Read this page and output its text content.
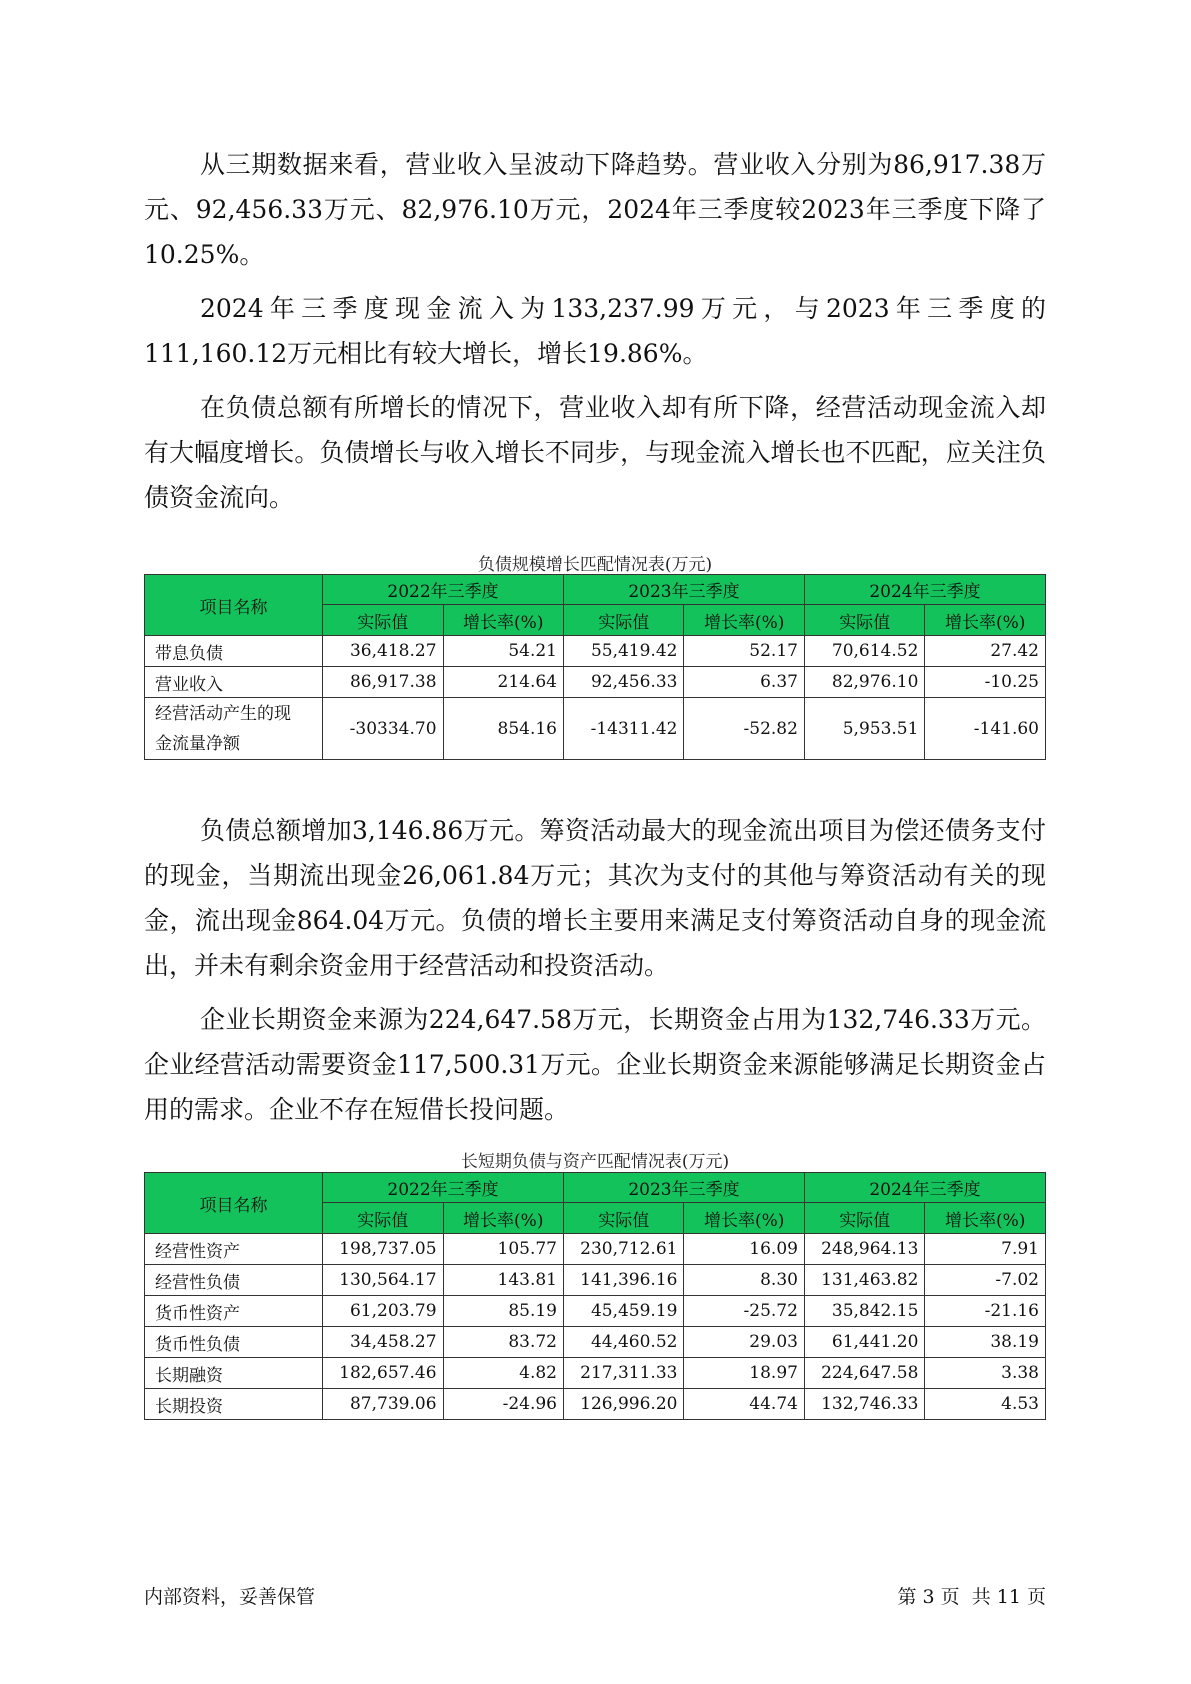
从三期数据来看，营业收入呈波动下降趋势。营业收入分别为86,917.38万元、92,456.33万元、82,976.10万元，2024年三季度较2023年三季度下降了10.25%。

2024年三季度现金流入为133,237.99万元，与2023年三季度的111,160.12万元相比有较大增长，增长19.86%。

在负债总额有所增长的情况下，营业收入却有所下降，经营活动现金流入却有大幅度增长。负债增长与收入增长不同步，与现金流入增长也不匹配，应关注负债资金流向。

负债规模增长匹配情况表(万元)
项目名称	2022年三季度		2023年三季度		2024年三季度	
	实际值	增长率(%)	实际值	增长率(%)	实际值	增长率(%)
带息负债	36,418.27	54.21	55,419.42	52.17	70,614.52	27.42
营业收入	86,917.38	214.64	92,456.33	6.37	82,976.10	-10.25
经营活动产生的现
金流量净额	-30334.70	854.16	-14311.42	-52.82	5,953.51	-141.60

负债总额增加3,146.86万元。筹资活动最大的现金流出项目为偿还债务支付的现金，当期流出现金26,061.84万元；其次为支付的其他与筹资活动有关的现金，流出现金864.04万元。负债的增长主要用来满足支付筹资活动自身的现金流出，并未有剩余资金用于经营活动和投资活动。

企业长期资金来源为224,647.58万元，长期资金占用为132,746.33万元。企业经营活动需要资金117,500.31万元。企业长期资金来源能够满足长期资金占用的需求。企业不存在短借长投问题。

长短期负债与资产匹配情况表(万元)
项目名称	2022年三季度		2023年三季度		2024年三季度	
	实际值	增长率(%)	实际值	增长率(%)	实际值	增长率(%)
经营性资产	198,737.05	105.77	230,712.61	16.09	248,964.13	7.91
经营性负债	130,564.17	143.81	141,396.16	8.30	131,463.82	-7.02
货币性资产	61,203.79	85.19	45,459.19	-25.72	35,842.15	-21.16
货币性负债	34,458.27	83.72	44,460.52	29.03	61,441.20	38.19
长期融资	182,657.46	4.82	217,311.33	18.97	224,647.58	3.38
长期投资	87,739.06	-24.96	126,996.20	44.74	132,746.33	4.53
内部资料，妥善保管	第 3 页  共 11 页
